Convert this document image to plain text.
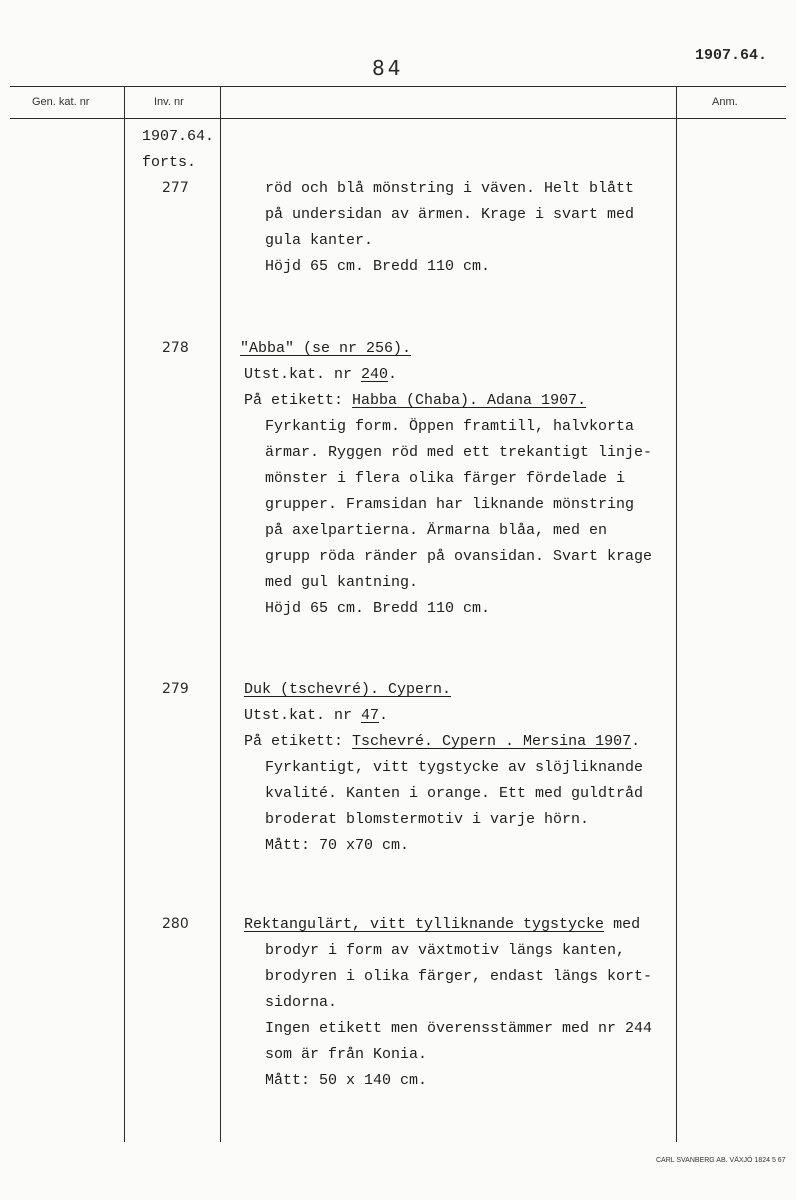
84
1907.64.
Gen. kat. nr	Inv. nr	Anm.
1907.64.
forts.
277	röd och blå mönstring i väven. Helt blått
på undersidan av ärmen. Krage i svart med
gula kanter.
Höjd 65 cm. Bredd 110 cm.
278	"Abba" (se nr 256).
Utst.kat. nr 240.
På etikett: Habba (Chaba). Adana 1907.
Fyrkantig form. Öppen framtill, halvkorta
ärmar. Ryggen röd med ett trekantigt linje-
mönster i flera olika färger fördelade i
grupper. Framsidan har liknande mönstring
på axelpartierna. Ärmarna blåa, med en
grupp röda ränder på ovansidan. Svart krage
med gul kantning.
Höjd 65 cm. Bredd 110 cm.
279	Duk (tschevré). Cypern.
Utst.kat. nr 47.
På etikett: Tschevré. Cypern . Mersina 1907.
Fyrkantigt, vitt tygstycke av slöjliknande
kvalité. Kanten i orange. Ett med guldtråd
broderat blomstermotiv i varje hörn.
Mått: 70 x70 cm.
280	Rektangulärt, vitt tylliknande tygstycke med
brodyr i form av växtmotiv längs kanten,
brodyren i olika färger, endast längs kort-
sidorna.
Ingen etikett men överensstämmer med nr 244
som är från Konia.
Mått: 50 x 140 cm.
CARL SVANBERG AB. VÄXJÖ 1824 5 67
